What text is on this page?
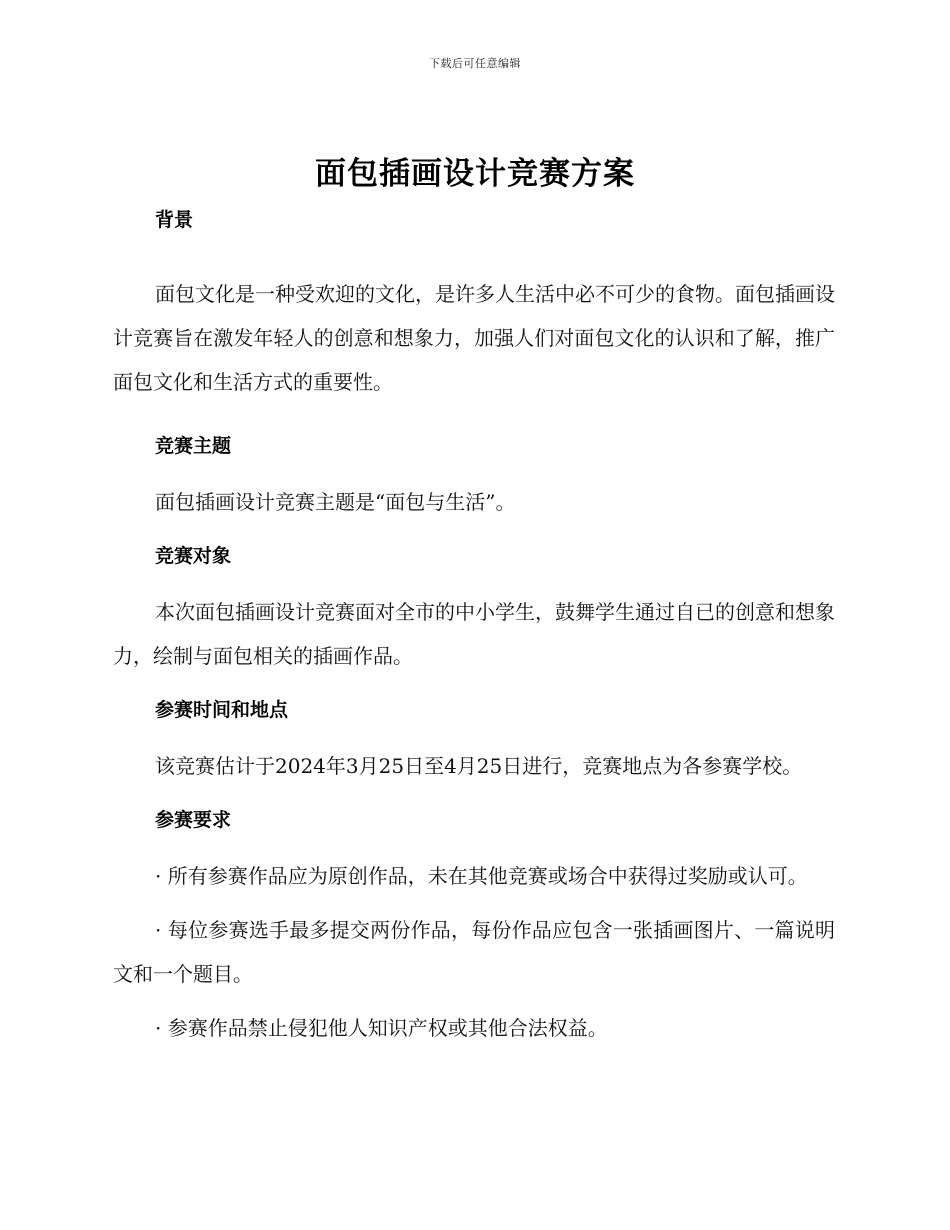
下载后可任意编辑
面包插画设计竞赛方案

背景

面包文化是一种受欢迎的文化，是许多人生活中必不可少的食物。面包插画设计竞赛旨在激发年轻人的创意和想象力，加强人们对面包文化的认识和了解，推广面包文化和生活方式的重要性。

竞赛主题

面包插画设计竞赛主题是“面包与生活”。

竞赛对象

本次面包插画设计竞赛面对全市的中小学生，鼓舞学生通过自已的创意和想象力，绘制与面包相关的插画作品。

参赛时间和地点

该竞赛估计于2024年3月25日至4月25日进行，竞赛地点为各参赛学校。

参赛要求

· 所有参赛作品应为原创作品，未在其他竞赛或场合中获得过奖励或认可。

· 每位参赛选手最多提交两份作品，每份作品应包含一张插画图片、一篇说明文和一个题目。

· 参赛作品禁止侵犯他人知识产权或其他合法权益。
